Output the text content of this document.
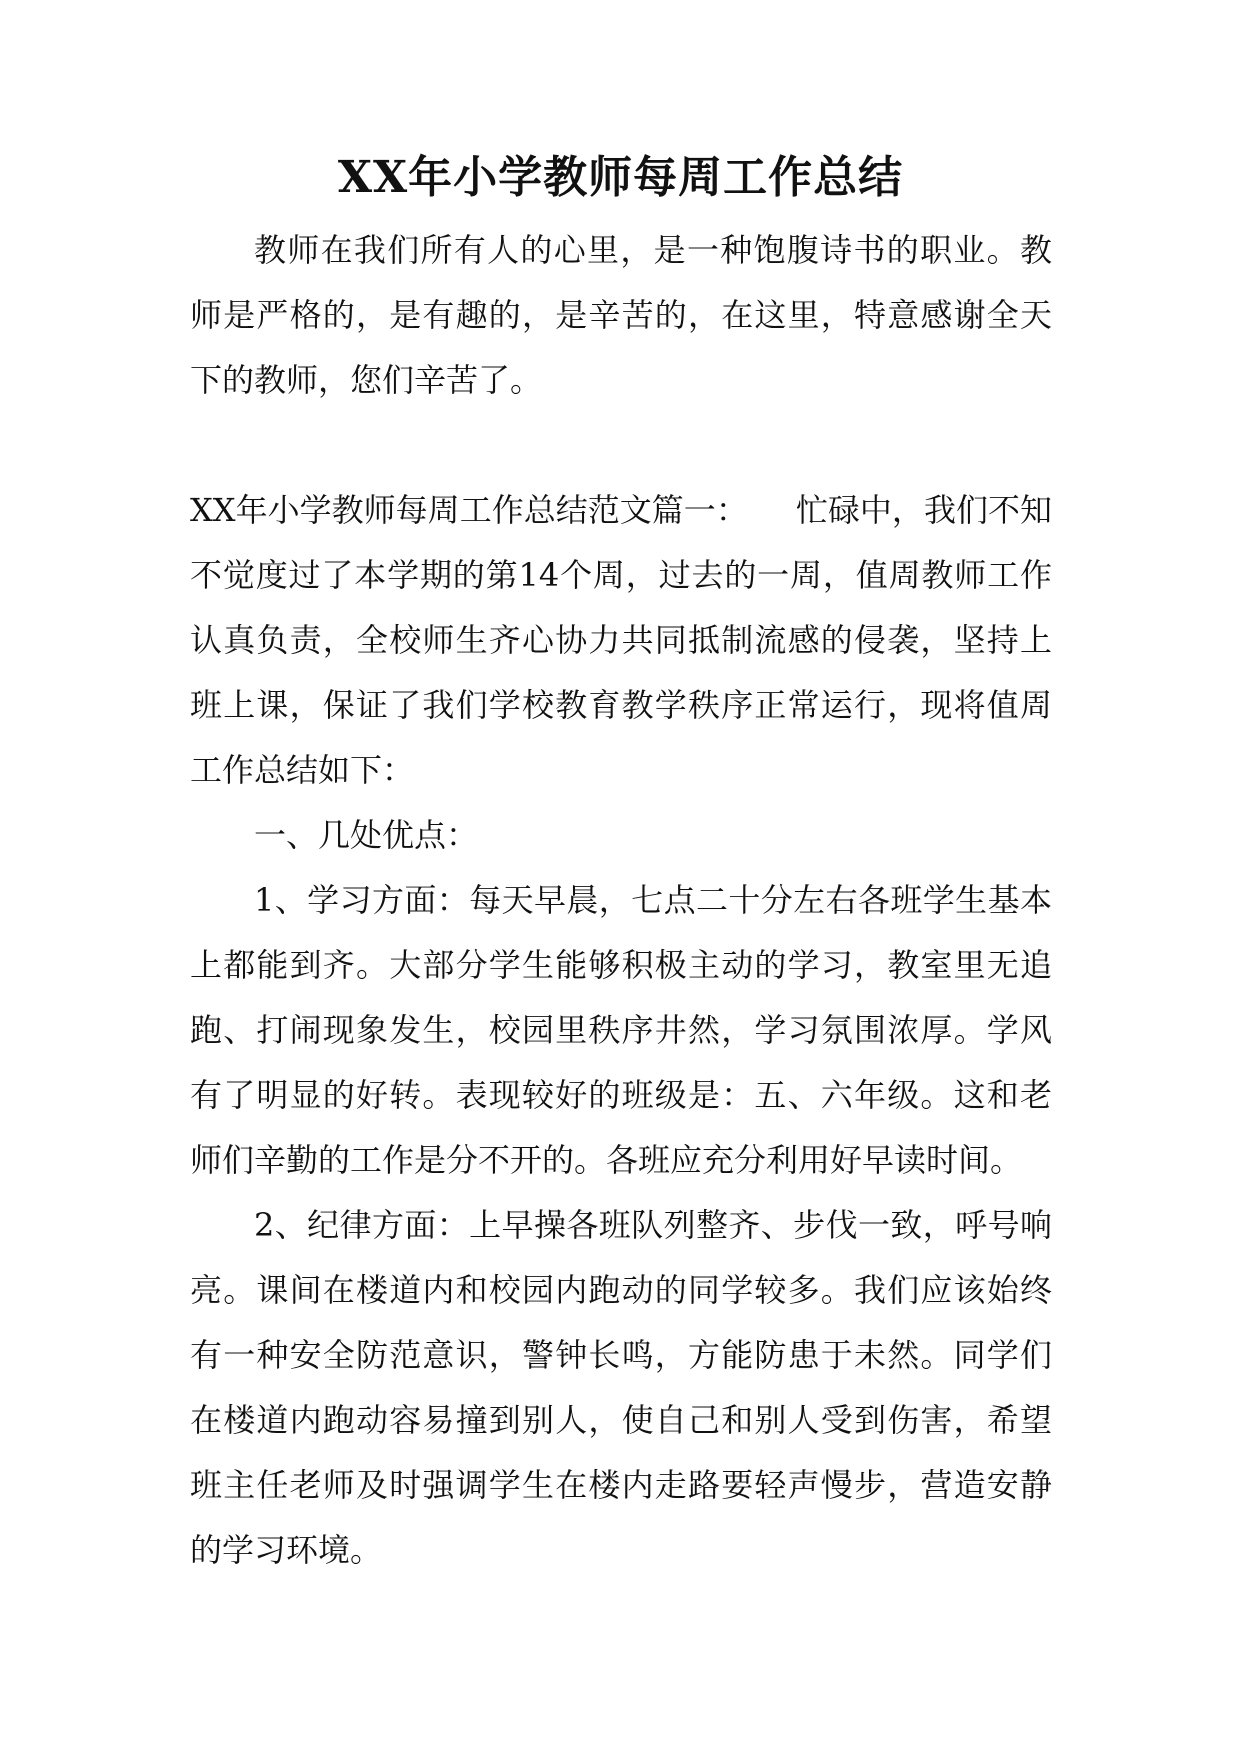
XX年小学教师每周工作总结

教师在我们所有人的心里，是一种饱腹诗书的职业。教师是严格的，是有趣的，是辛苦的，在这里，特意感谢全天下的教师，您们辛苦了。

XX年小学教师每周工作总结范文篇一：　　忙碌中，我们不知不觉度过了本学期的第14个周，过去的一周，值周教师工作认真负责，全校师生齐心协力共同抵制流感的侵袭，坚持上班上课，保证了我们学校教育教学秩序正常运行，现将值周工作总结如下：

一、几处优点：

1、学习方面：每天早晨，七点二十分左右各班学生基本上都能到齐。大部分学生能够积极主动的学习，教室里无追跑、打闹现象发生，校园里秩序井然，学习氛围浓厚。学风有了明显的好转。表现较好的班级是：五、六年级。这和老师们辛勤的工作是分不开的。各班应充分利用好早读时间。

2、纪律方面：上早操各班队列整齐、步伐一致，呼号响亮。课间在楼道内和校园内跑动的同学较多。我们应该始终有一种安全防范意识，警钟长鸣，方能防患于未然。同学们在楼道内跑动容易撞到别人，使自己和别人受到伤害，希望班主任老师及时强调学生在楼内走路要轻声慢步，营造安静的学习环境。
